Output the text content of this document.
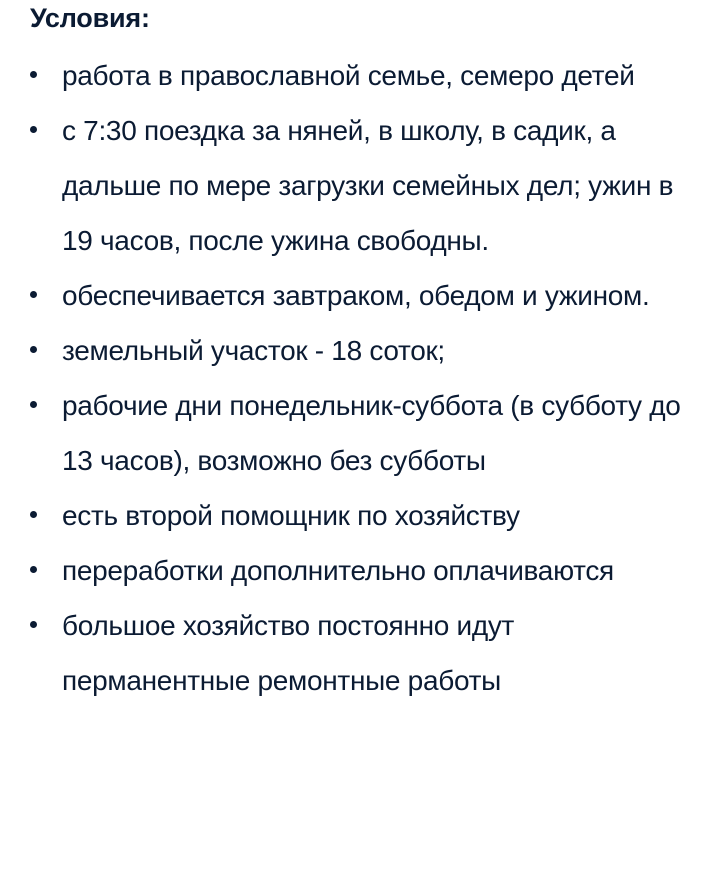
Условия:
работа в православной семье, семеро детей
с 7:30 поездка за няней, в школу, в садик, а дальше по мере загрузки семейных дел; ужин в 19 часов, после ужина свободны.
обеспечивается завтраком, обедом и ужином.
земельный участок - 18 соток;
рабочие дни понедельник-суббота (в субботу до 13 часов), возможно без субботы
есть второй помощник по хозяйству
переработки дополнительно оплачиваются
большое хозяйство постоянно идут перманентные ремонтные работы
